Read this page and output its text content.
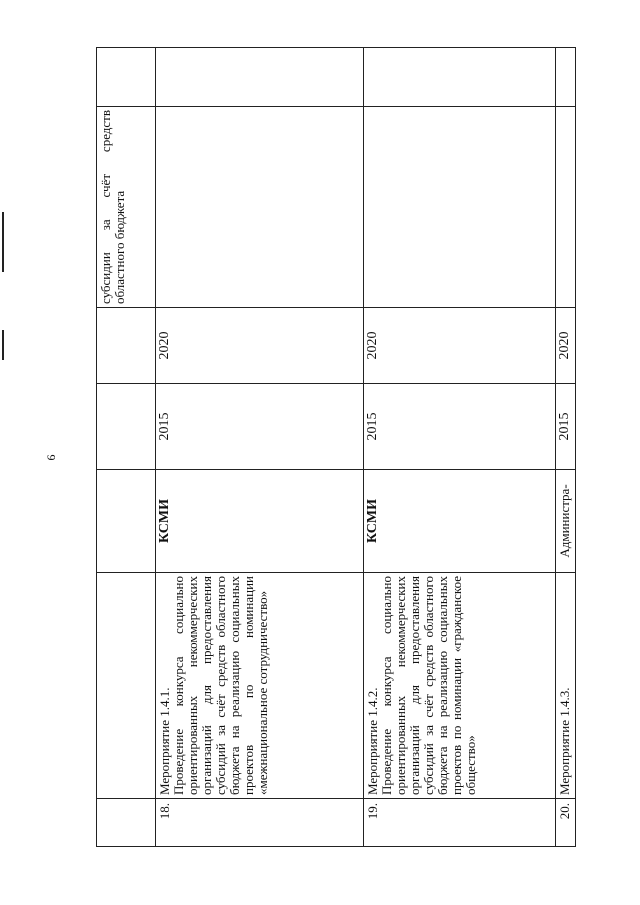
9
					субсидии за счёт средств областного бюджета	
18.	Мероприятие 1.4.1. Проведение конкурса социально ориентированных некоммерческих организаций для предоставления субсидий за счёт средств областного бюджета на реализацию социальных проектов по номинации «межнациональное сотрудничество»	КСМИ	2015	2020		
19.	Мероприятие 1.4.2. Проведение конкурса социально ориентированных некоммерческих организаций для предоставления субсидий за счёт средств областного бюджета на реализацию социальных проектов по номинации «гражданское общество»	КСМИ	2015	2020		
20.	Мероприятие 1.4.3.	Администра-	2015	2020		
